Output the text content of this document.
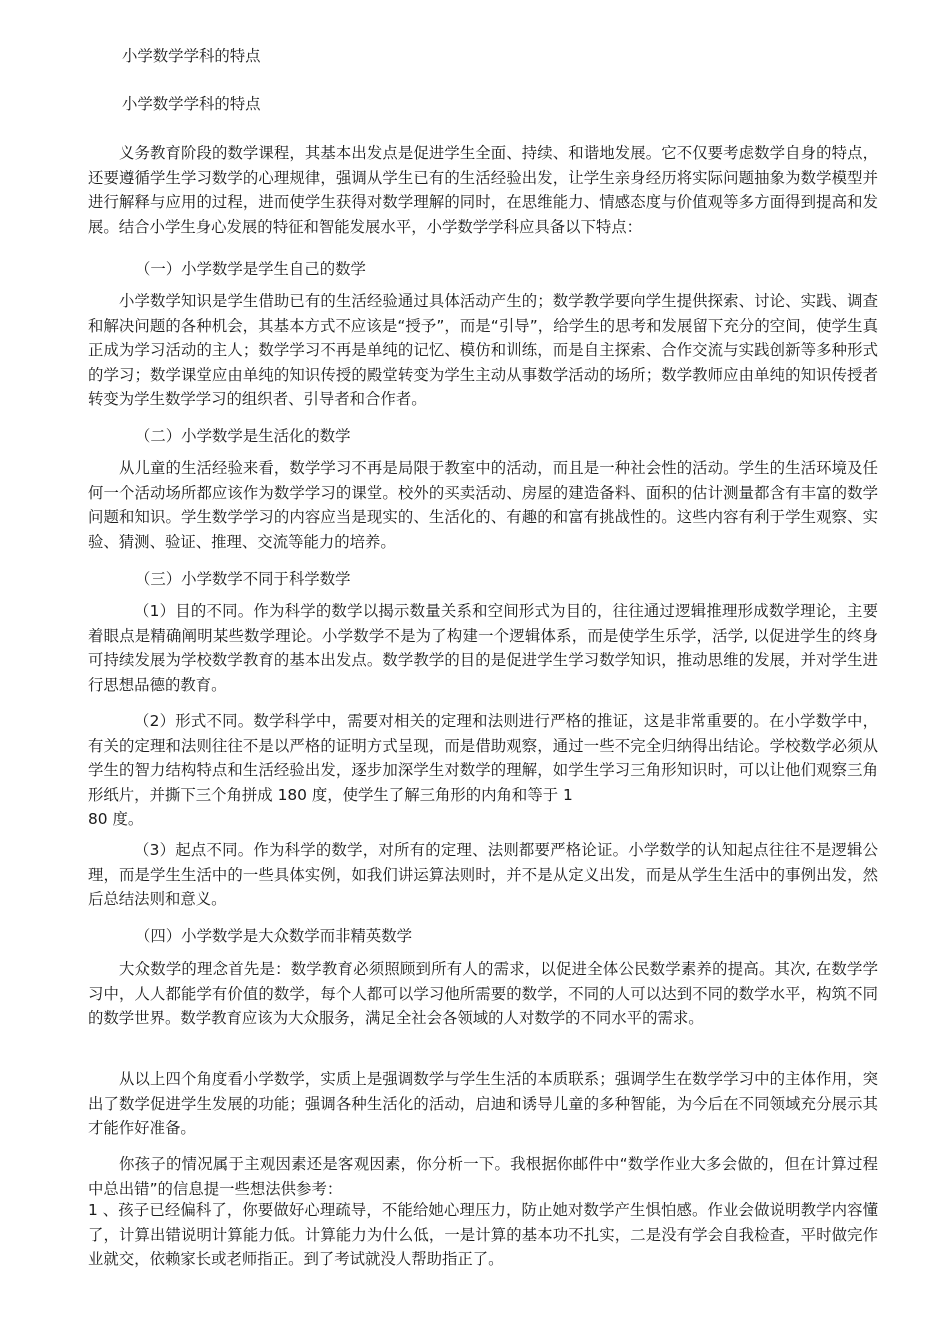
小学数学学科的特点

小学数学学科的特点

义务教育阶段的数学课程，其基本出发点是促进学生全面、持续、和谐地发展。它不仅要考虑数学自身的特点，还要遵循学生学习数学的心理规律，强调从学生已有的生活经验出发，让学生亲身经历将实际问题抽象为数学模型并进行解释与应用的过程，进而使学生获得对数学理解的同时，在思维能力、情感态度与价值观等多方面得到提高和发展。结合小学生身心发展的特征和智能发展水平，小学数学学科应具备以下特点：

（一）小学数学是学生自己的数学

小学数学知识是学生借助已有的生活经验通过具体活动产生的；数学教学要向学生提供探索、讨论、实践、调查和解决问题的各种机会，其基本方式不应该是“授予”，而是“引导”，给学生的思考和发展留下充分的空间，使学生真正成为学习活动的主人；数学学习不再是单纯的记忆、模仿和训练，而是自主探索、合作交流与实践创新等多种形式的学习；数学课堂应由单纯的知识传授的殿堂转变为学生主动从事数学活动的场所；数学教师应由单纯的知识传授者转变为学生数学学习的组织者、引导者和合作者。

（二）小学数学是生活化的数学

从儿童的生活经验来看，数学学习不再是局限于教室中的活动，而且是一种社会性的活动。学生的生活环境及任何一个活动场所都应该作为数学学习的课堂。校外的买卖活动、房屋的建造备料、面积的估计测量都含有丰富的数学问题和知识。学生数学学习的内容应当是现实的、生活化的、有趣的和富有挑战性的。这些内容有利于学生观察、实验、猜测、验证、推理、交流等能力的培养。

（三）小学数学不同于科学数学

（1）目的不同。作为科学的数学以揭示数量关系和空间形式为目的，往往通过逻辑推理形成数学理论，主要着眼点是精确阐明某些数学理论。小学数学不是为了构建一个逻辑体系，而是使学生乐学，活学, 以促进学生的终身可持续发展为学校数学教育的基本出发点。数学教学的目的是促进学生学习数学知识，推动思维的发展，并对学生进行思想品德的教育。

（2）形式不同。数学科学中，需要对相关的定理和法则进行严格的推证，这是非常重要的。在小学数学中，有关的定理和法则往往不是以严格的证明方式呈现，而是借助观察，通过一些不完全归纳得出结论。学校数学必须从学生的智力结构特点和生活经验出发，逐步加深学生对数学的理解，如学生学习三角形知识时，可以让他们观察三角形纸片，并撕下三个角拼成 180 度，使学生了解三角形的内角和等于 1
80 度。

（3）起点不同。作为科学的数学，对所有的定理、法则都要严格论证。小学数学的认知起点往往不是逻辑公理，而是学生生活中的一些具体实例，如我们讲运算法则时，并不是从定义出发，而是从学生生活中的事例出发，然后总结法则和意义。

（四）小学数学是大众数学而非精英数学

大众数学的理念首先是：数学教育必须照顾到所有人的需求，以促进全体公民数学素养的提高。其次, 在数学学习中，人人都能学有价值的数学，每个人都可以学习他所需要的数学，不同的人可以达到不同的数学水平，构筑不同的数学世界。数学教育应该为大众服务，满足全社会各领域的人对数学的不同水平的需求。

从以上四个角度看小学数学，实质上是强调数学与学生生活的本质联系；强调学生在数学学习中的主体作用，突出了数学促进学生发展的功能；强调各种生活化的活动，启迪和诱导儿童的多种智能，为今后在不同领域充分展示其才能作好准备。

你孩子的情况属于主观因素还是客观因素，你分析一下。我根据你邮件中“数学作业大多会做的，但在计算过程中总出错”的信息提一些想法供参考：

1 、孩子已经偏科了，你要做好心理疏导，不能给她心理压力，防止她对数学产生惧怕感。作业会做说明教学内容懂了，计算出错说明计算能力低。计算能力为什么低，一是计算的基本功不扎实，二是没有学会自我检查，平时做完作业就交，依赖家长或老师指正。到了考试就没人帮助指正了。
